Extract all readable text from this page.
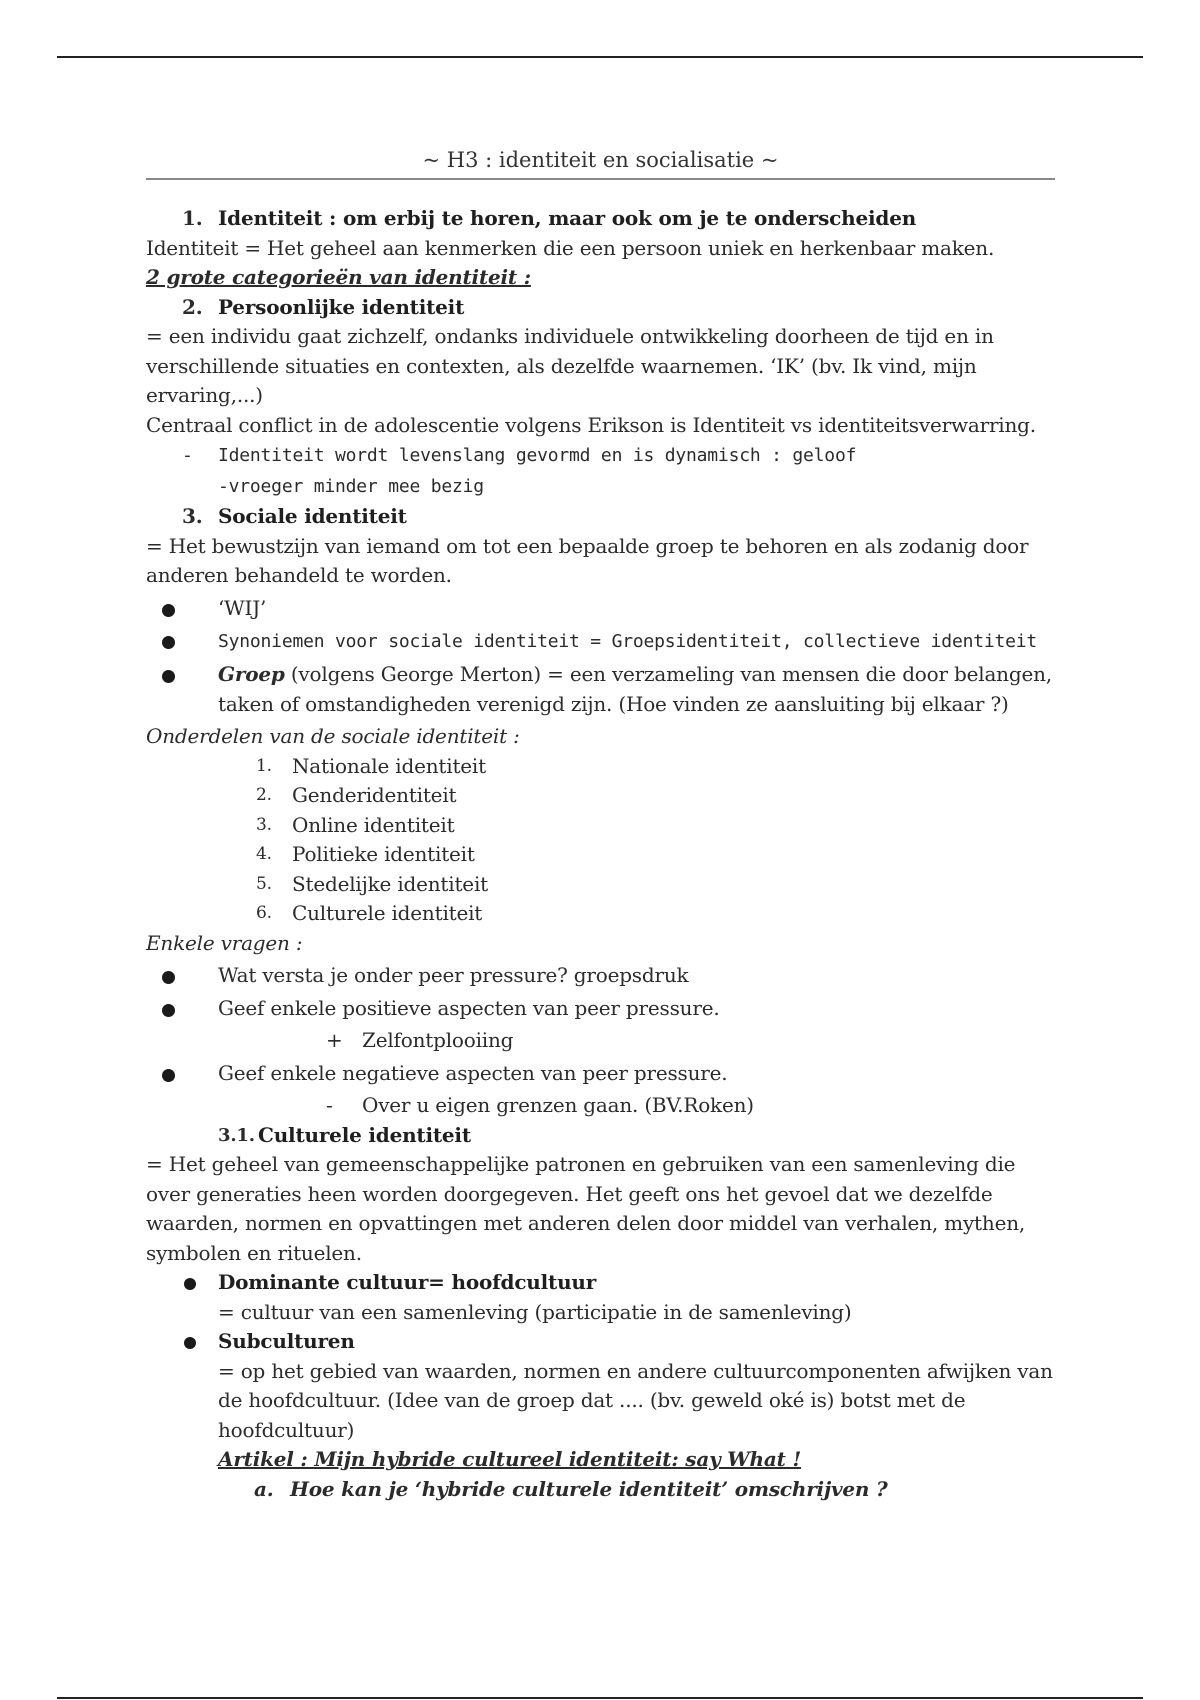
~ H3 : identiteit en socialisatie ~
1. Identiteit : om erbij te horen, maar ook om je te onderscheiden

Identiteit = Het geheel aan kenmerken die een persoon uniek en herkenbaar maken.

2 grote categorieën van identiteit :

2. Persoonlijke identiteit

= een individu gaat zichzelf, ondanks individuele ontwikkeling doorheen de tijd en in verschillende situaties en contexten, als dezelfde waarnemen. ‘IK’ (bv. Ik vind, mijn ervaring,...)

Centraal conflict in de adolescentie volgens Erikson is Identiteit vs identiteitsverwarring.

-	Identiteit wordt levenslang gevormd en is dynamisch : geloof
-vroeger minder mee bezig
3. Sociale identiteit

= Het bewustzijn van iemand om tot een bepaalde groep te behoren en als zodanig door anderen behandeld te worden.

‘WIJ’
Synoniemen voor sociale identiteit = Groepsidentiteit, collectieve identiteit
Groep (volgens George Merton) = een verzameling van mensen die door belangen, taken of omstandigheden verenigd zijn. (Hoe vinden ze aansluiting bij elkaar ?)

Onderdelen van de sociale identiteit :

1.	Nationale identiteit
2.	Genderidentiteit
3.	Online identiteit
4.	Politieke identiteit
5.	Stedelijke identiteit
6.	Culturele identiteit

Enkele vragen :

Wat versta je onder peer pressure? groepsdruk
Geef enkele positieve aspecten van peer pressure.
+ Zelfontplooiing
Geef enkele negatieve aspecten van peer pressure.
-	Over u eigen grenzen gaan. (BV.Roken)
3.1. Culturele identiteit

= Het geheel van gemeenschappelijke patronen en gebruiken van een samenleving die over generaties heen worden doorgegeven. Het geeft ons het gevoel dat we dezelfde waarden, normen en opvattingen met anderen delen door middel van verhalen, mythen, symbolen en rituelen.

Dominante cultuur= hoofdcultuur

= cultuur van een samenleving (participatie in de samenleving)

Subculturen

= op het gebied van waarden, normen en andere cultuurcomponenten afwijken van de hoofdcultuur. (Idee van de groep dat .... (bv. geweld oké is) botst met de hoofdcultuur)

Artikel : Mijn hybride cultureel identiteit: say What !

a. Hoe kan je ‘hybride culturele identiteit’ omschrijven ?
